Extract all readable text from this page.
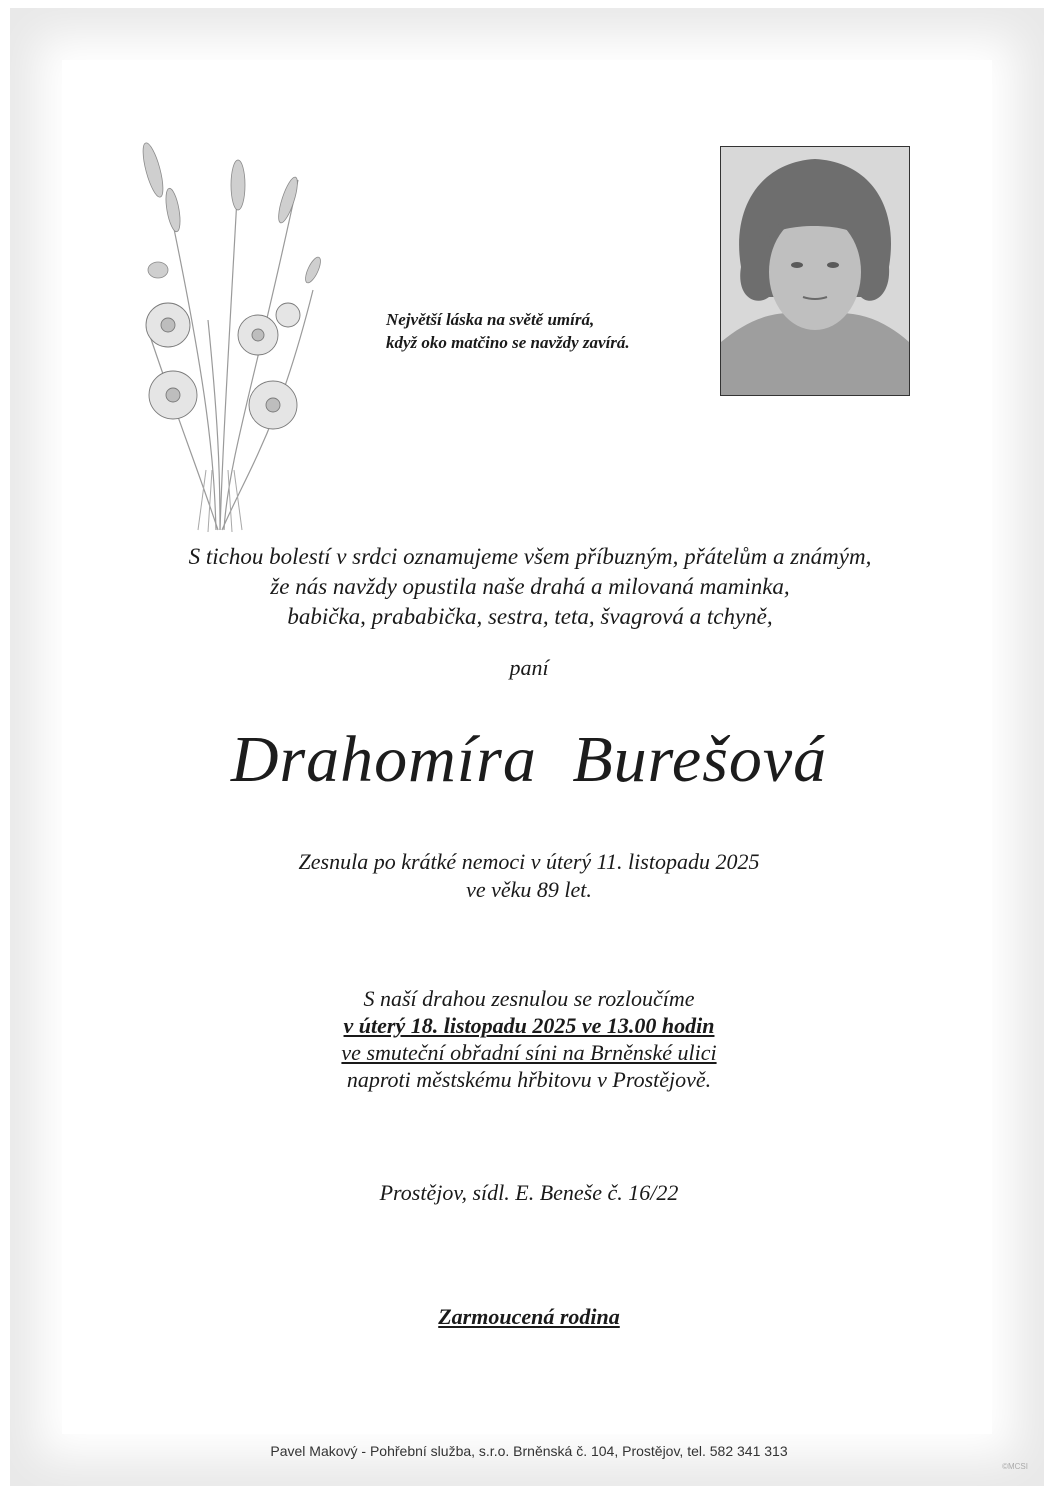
Největší láska na světě umírá,
když oko matčino se navždy zavírá.
S tichou bolestí v srdci oznamujeme všem příbuzným, přátelům a známým,
že nás navždy opustila naše drahá a milovaná maminka,
babička, prababička, sestra, teta, švagrová a tchyně,
paní
Drahomíra Burešová
Zesnula po krátké nemoci v úterý 11. listopadu 2025
ve věku 89 let.
S naší drahou zesnulou se rozloučíme
v úterý 18. listopadu 2025 ve 13.00 hodin
ve smuteční obřadní síni na Brněnské ulici
naproti městskému hřbitovu v Prostějově.
Prostějov, sídl. E. Beneše č. 16/22
Zarmoucená rodina
Pavel Makový - Pohřební služba, s.r.o. Brněnská č. 104, Prostějov, tel. 582 341 313
©MCSI
